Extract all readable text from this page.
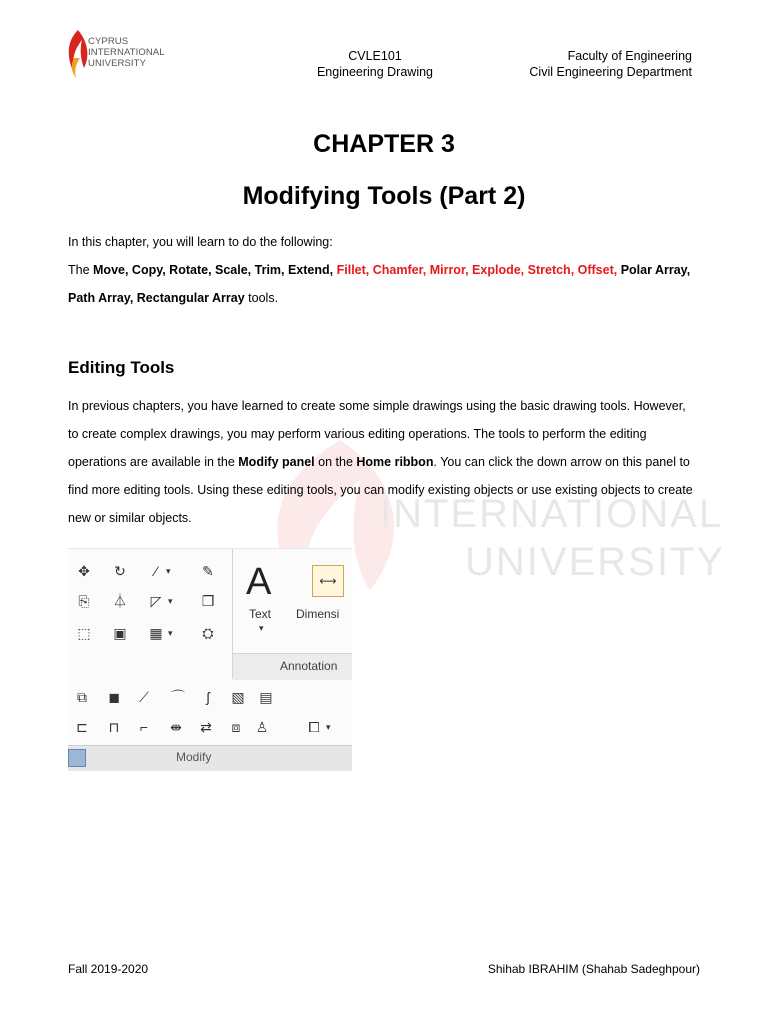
CYPRUS
INTERNATIONAL
UNIVERSITY
CVLE101
Engineering Drawing
Faculty of Engineering
Civil Engineering Department
INTERNATIONAL
UNIVERSITY
CHAPTER 3
Modifying Tools (Part 2)
In this chapter, you will learn to do the following:
The Move, Copy, Rotate, Scale, Trim, Extend, Fillet, Chamfer, Mirror, Explode, Stretch, Offset, Polar Array, Path Array, Rectangular Array tools.
Editing Tools
In previous chapters, you have learned to create some simple drawings using the basic drawing tools. However, to create complex drawings, you may perform various editing operations. The tools to perform the editing operations are available in the Modify panel on the Home ribbon. You can click the down arrow on this panel to find more editing tools. Using these editing tools, you can modify existing objects or use existing objects to create new or similar objects.
✥ ↻	⁄ ▾ ✎
⎘	⏃	◸ ▾ ❒
⬚ ▣ ▦ ▾	⛭
A	⟷
Text
▾
Dimensi
Annotation
⧉	◼	⟋	⌒	ʃ	▧ ▤
⊏	⊓	⌐	⇼ ⇄	⧈	♙	⧠ ▾
Modify
Fall 2019-2020	Shihab IBRAHIM (Shahab Sadeghpour)
